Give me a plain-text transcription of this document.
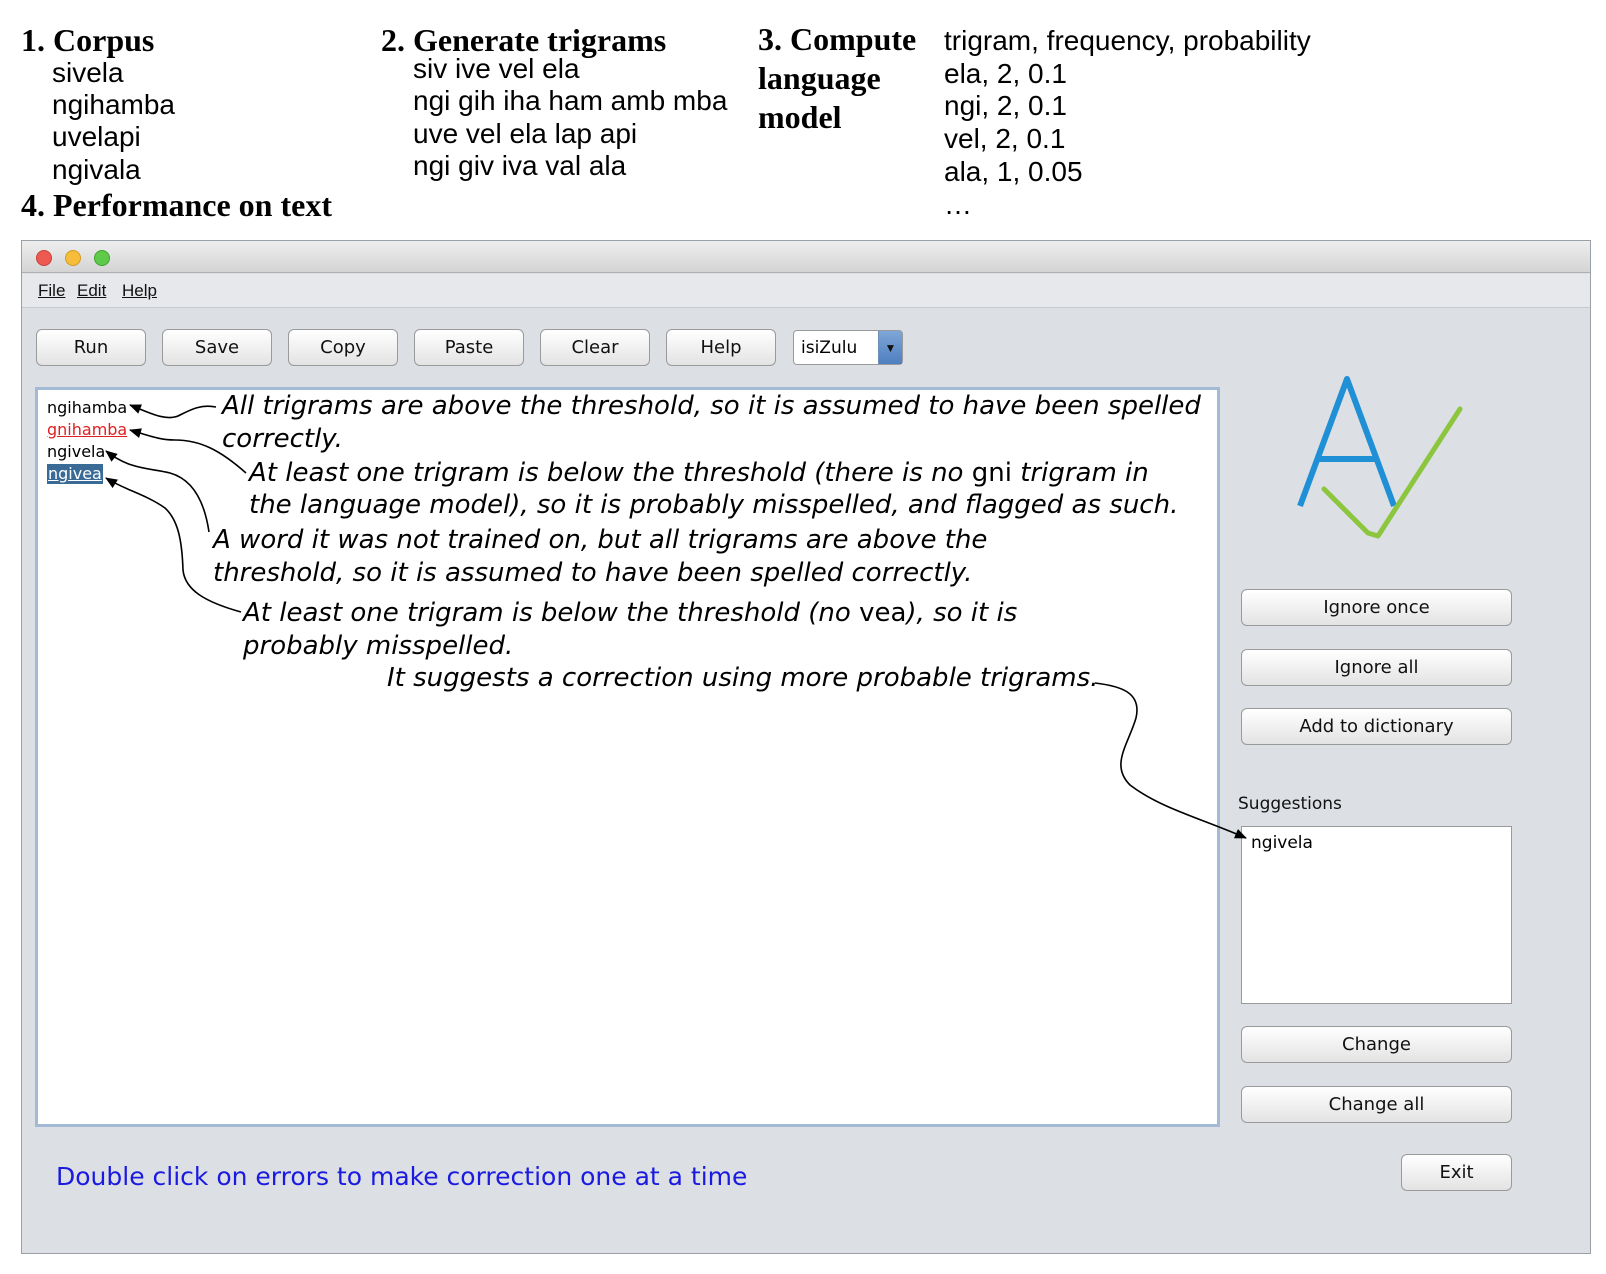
1. Corpus
sivela
ngihamba
uvelapi
ngivala
4. Performance on text
2. Generate trigrams
siv ive vel ela
ngi gih iha ham amb mba
uve vel ela lap api
ngi giv iva val ala
3. Compute
language
model
trigram, frequency, probability
ela, 2, 0.1
ngi, 2, 0.1
vel, 2, 0.1
ala, 1, 0.05
…
File Edit Help
Run	Save	Copy	Paste	Clear	Help	isiZulu	▼
ngihamba
gnihamba
ngivela
ngivea
Ignore once
Ignore all
Add to dictionary
Suggestions
ngivela
Change
Change all
Exit
Double click on errors to make correction one at a time
All trigrams are above the threshold, so it is assumed to have been spelled
correctly.
At least one trigram is below the threshold (there is no gni trigram in
the language model), so it is probably misspelled, and flagged as such.
A word it was not trained on, but all trigrams are above the
threshold, so it is assumed to have been spelled correctly.
At least one trigram is below the threshold (no vea), so it is
probably misspelled.
It suggests a correction using more probable trigrams.
